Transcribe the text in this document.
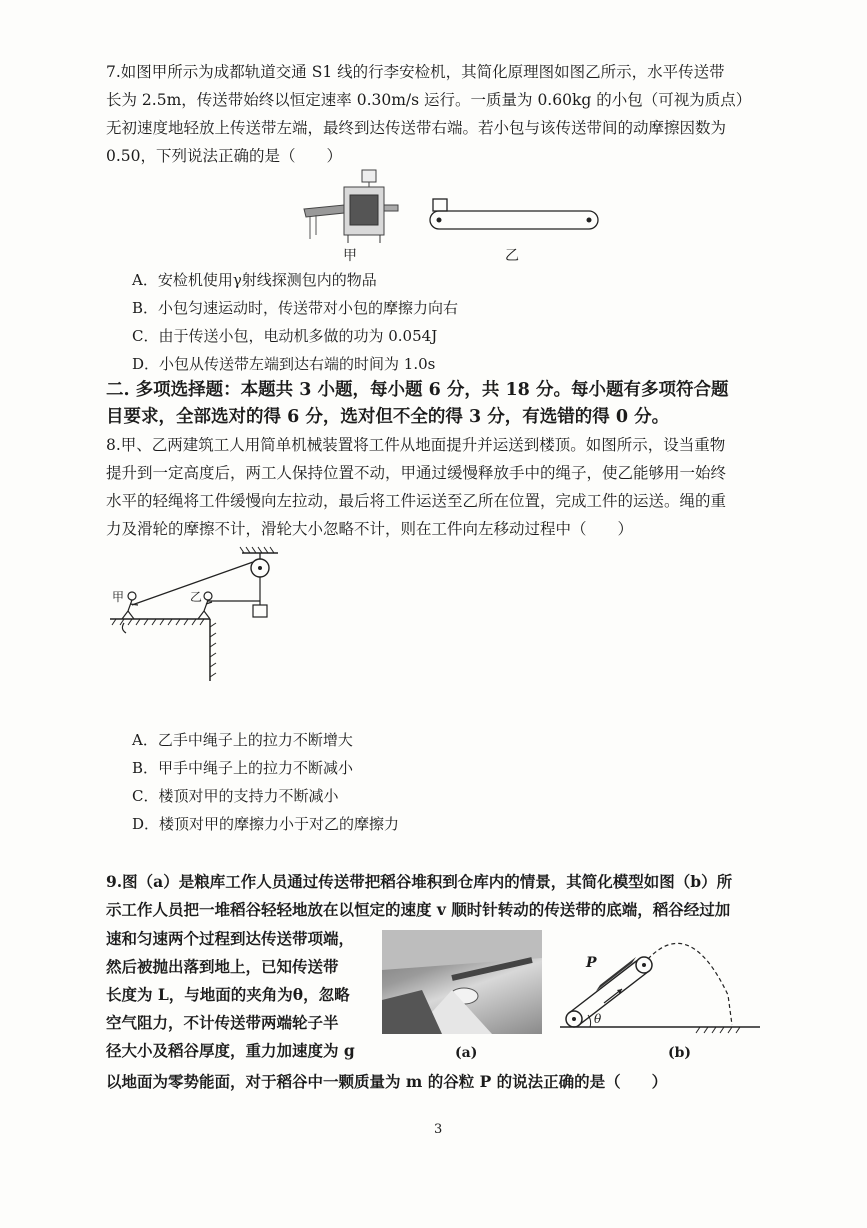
7.如图甲所示为成都轨道交通 S1 线的行李安检机，其简化原理图如图乙所示，水平传送带
长为 2.5m，传送带始终以恒定速率 0.30m/s 运行。一质量为 0.60kg 的小包（可视为质点）
无初速度地轻放上传送带左端，最终到达传送带右端。若小包与该传送带间的动摩擦因数为
0.50，下列说法正确的是（　　）
甲	乙
A．安检机使用γ射线探测包内的物品
B．小包匀速运动时，传送带对小包的摩擦力向右
C．由于传送小包，电动机多做的功为 0.054J
D．小包从传送带左端到达右端的时间为 1.0s
二. 多项选择题：本题共 3 小题，每小题 6 分，共 18 分。每小题有多项符合题
目要求，全部选对的得 6 分，选对但不全的得 3 分，有选错的得 0 分。
8.甲、乙两建筑工人用简单机械装置将工件从地面提升并运送到楼顶。如图所示，设当重物
提升到一定高度后，两工人保持位置不动，甲通过缓慢释放手中的绳子，使乙能够用一始终
水平的轻绳将工件缓慢向左拉动，最后将工件运送至乙所在位置，完成工件的运送。绳的重
力及滑轮的摩擦不计，滑轮大小忽略不计，则在工件向左移动过程中（　　）
甲	乙
A．乙手中绳子上的拉力不断增大
B．甲手中绳子上的拉力不断减小
C．楼顶对甲的支持力不断减小
D．楼顶对甲的摩擦力小于对乙的摩擦力
9.图（a）是粮库工作人员通过传送带把稻谷堆积到仓库内的情景，其简化模型如图（b）所
示工作人员把一堆稻谷轻轻地放在以恒定的速度 v 顺时针转动的传送带的底端，稻谷经过加
速和匀速两个过程到达传送带项端，
然后被抛出落到地上，已知传送带
长度为 L，与地面的夹角为θ，忽略
空气阻力，不计传送带两端轮子半
径大小及稻谷厚度，重力加速度为 g
以地面为零势能面，对于稻谷中一颗质量为 m 的谷粒 P 的说法正确的是（　　）
(a)
P
θ
(b)
3
